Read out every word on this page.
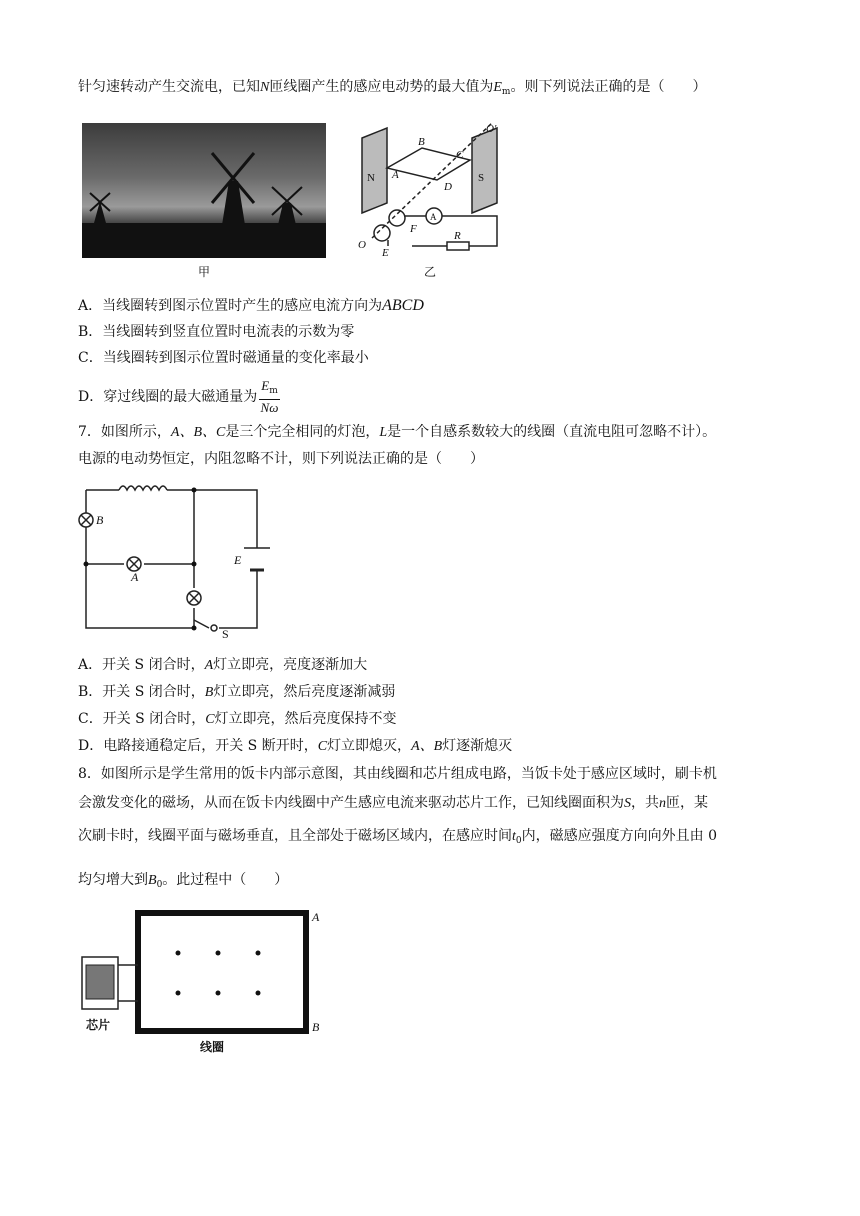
针匀速转动产生交流电，已知N匝线圈产生的感应电动势的最大值为$E_m$。则下列说法正确的是（　　）
甲
N	S
A
B
C
D
F
E
R
O
O'
A
乙
A．当线圈转到图示位置时产生的感应电流方向为ABCD
B．当线圈转到竖直位置时电流表的示数为零
C．当线圈转到图示位置时磁通量的变化率最小
D．穿过线圈的最大磁通量为 $\frac{E_m}{N\omega}$
7．如图所示，A、B、C是三个完全相同的灯泡，L是一个自感系数较大的线圈（直流电阻可忽略不计）。
电源的电动势恒定，内阻忽略不计，则下列说法正确的是（　　）
B
A
E
S
A．开关 S 闭合时，A灯立即亮，亮度逐渐加大
B．开关 S 闭合时，B灯立即亮，然后亮度逐渐减弱
C．开关 S 闭合时，C灯立即亮，然后亮度保持不变
D．电路接通稳定后，开关 S 断开时，C灯立即熄灭，A、B灯逐渐熄灭
8．如图所示是学生常用的饭卡内部示意图，其由线圈和芯片组成电路，当饭卡处于感应区域时，刷卡机
会激发变化的磁场，从而在饭卡内线圈中产生感应电流来驱动芯片工作，已知线圈面积为S，共n匝，某
次刷卡时，线圈平面与磁场垂直，且全部处于磁场区域内，在感应时间$t_0$内，磁感应强度方向向外且由 0
均匀增大到$B_0$。此过程中（　　）
A
B
芯片
线圈
